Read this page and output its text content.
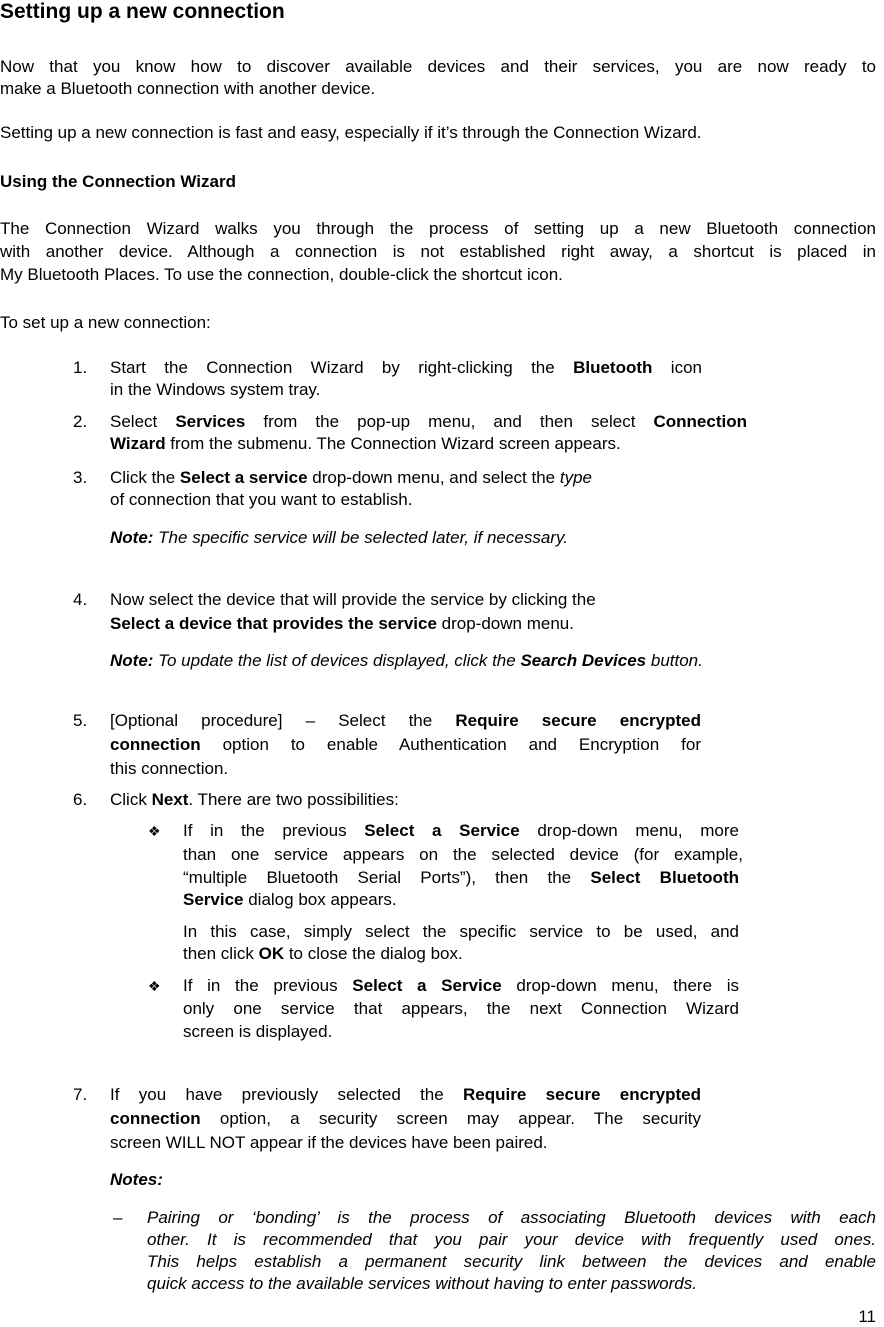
Setting up a new connection
Now that you know how to discover available devices and their services, you are now ready to
make a Bluetooth connection with another device.
Setting up a new connection is fast and easy, especially if it’s through the Connection Wizard.
Using the Connection Wizard
The Connection Wizard walks you through the process of setting up a new Bluetooth connection
with another device. Although a connection is not established right away, a shortcut is placed in
My Bluetooth Places. To use the connection, double-click the shortcut icon.
To set up a new connection:
1. Start the Connection Wizard by right-clicking the Bluetooth icon
in the Windows system tray.
2. Select Services from the pop-up menu, and then select Connection
Wizard from the submenu. The Connection Wizard screen appears.
3. Click the Select a service drop-down menu, and select the type
of connection that you want to establish.
Note: The specific service will be selected later, if necessary.
4. Now select the device that will provide the service by clicking the
Select a device that provides the service drop-down menu.
Note: To update the list of devices displayed, click the Search Devices button.
5. [Optional procedure] – Select the Require secure encrypted
connection option to enable Authentication and Encryption for
this connection.
6. Click Next. There are two possibilities:
❖ If in the previous Select a Service drop-down menu, more
than one service appears on the selected device (for example,
“multiple Bluetooth Serial Ports”), then the Select Bluetooth
Service dialog box appears.
In this case, simply select the specific service to be used, and
then click OK to close the dialog box.
❖ If in the previous Select a Service drop-down menu, there is
only one service that appears, the next Connection Wizard
screen is displayed.
7. If you have previously selected the Require secure encrypted
connection option, a security screen may appear. The security
screen WILL NOT appear if the devices have been paired.
Notes:
– Pairing or ‘bonding’ is the process of associating Bluetooth devices with each
other. It is recommended that you pair your device with frequently used ones.
This helps establish a permanent security link between the devices and enable
quick access to the available services without having to enter passwords.
11
